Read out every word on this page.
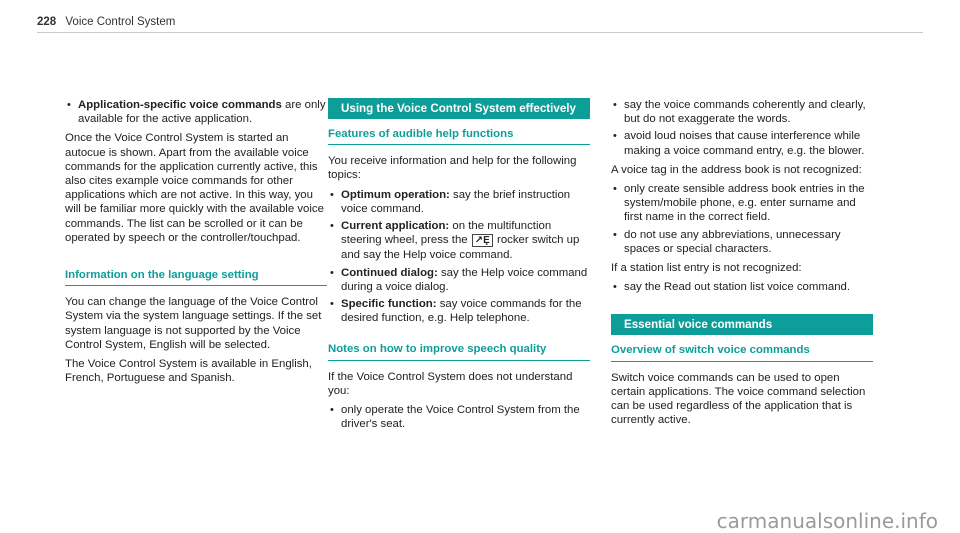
228 Voice Control System
• Application-specific voice commands are only available for the active application.

Once the Voice Control System is started an autocue is shown. Apart from the available voice commands for the application currently active, this also cites example voice commands for other applications which are not active. In this way, you will be familiar more quickly with the available voice commands. The list can be scrolled or it can be operated by speech or the controller/touchpad.

Information on the language setting

You can change the language of the Voice Control System via the system language settings. If the set system language is not supported by the Voice Control System, English will be selected.

The Voice Control System is available in English, French, Portuguese and Spanish.

Using the Voice Control System effectively
Features of audible help functions

You receive information and help for the following topics:

• Optimum operation: say the brief instruction voice command.
• Current application: on the multifunction steering wheel, press the ↗Ȩ rocker switch up and say the Help voice command.
• Continued dialog: say the Help voice command during a voice dialog.
• Specific function: say voice commands for the desired function, e.g. Help telephone.
Notes on how to improve speech quality

If the Voice Control System does not understand you:

• only operate the Voice Control System from the driver's seat.
• say the voice commands coherently and clearly, but do not exaggerate the words.
• avoid loud noises that cause interference while making a voice command entry, e.g. the blower.

A voice tag in the address book is not recognized:

• only create sensible address book entries in the system/mobile phone, e.g. enter surname and first name in the correct field.
• do not use any abbreviations, unnecessary spaces or special characters.

If a station list entry is not recognized:

• say the Read out station list voice command.
Essential voice commands
Overview of switch voice commands

Switch voice commands can be used to open certain applications. The voice command selection can be used regardless of the application that is currently active.

carmanualsonline.info
